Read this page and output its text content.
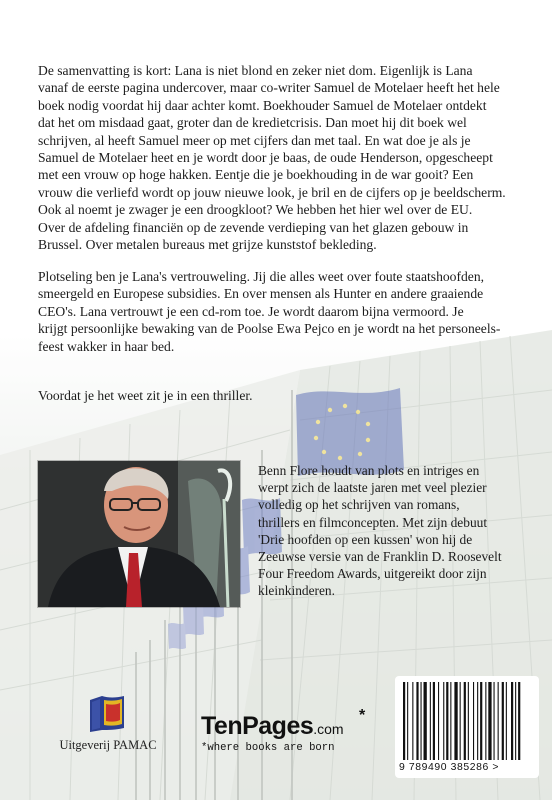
De samenvatting is kort: Lana is niet blond en zeker niet dom. Eigenlijk is Lana
vanaf de eerste pagina undercover, maar co-writer Samuel de Motelaer heeft het hele
boek nodig voordat hij daar achter komt. Boekhouder Samuel de Motelaer ontdekt
dat het om misdaad gaat, groter dan de kredietcrisis. Dan moet hij dit boek wel
schrijven, al heeft Samuel meer op met cijfers dan met taal. En wat doe je als je
Samuel de Motelaer heet en je wordt door je baas, de oude Henderson, opgescheept
met een vrouw op hoge hakken. Eentje die je boekhouding in de war gooit? Een
vrouw die verliefd wordt op jouw nieuwe look, je bril en de cijfers op je beeldscherm.
Ook al noemt je zwager je een droogkloot? We hebben het hier wel over de EU.
Over de afdeling financiën op de zevende verdieping van het glazen gebouw in
Brussel. Over metalen bureaus met grijze kunststof bekleding.
Plotseling ben je Lana's vertrouweling. Jij die alles weet over foute staatshoofden,
smeergeld en Europese subsidies. En over mensen als Hunter en andere graaiende
CEO's. Lana vertrouwt je een cd-rom toe. Je wordt daarom bijna vermoord. Je
krijgt persoonlijke bewaking van de Poolse Ewa Pejco en je wordt na het personeels-
feest wakker in haar bed.
Voordat je het weet zit je in een thriller.
Benn Flore houdt van plots en intriges en
werpt zich de laatste jaren met veel plezier
volledig op het schrijven van romans,
thrillers en filmconcepten. Met zijn debuut
'Drie hoofden op een kussen' won hij de
Zeeuwse versie van de Franklin D. Roosevelt
Four Freedom Awards, uitgereikt door zijn
kleinkinderen.
Uitgeverij PAMAC
TenPages.com
*
*where books are born
9 789490 385286 >
